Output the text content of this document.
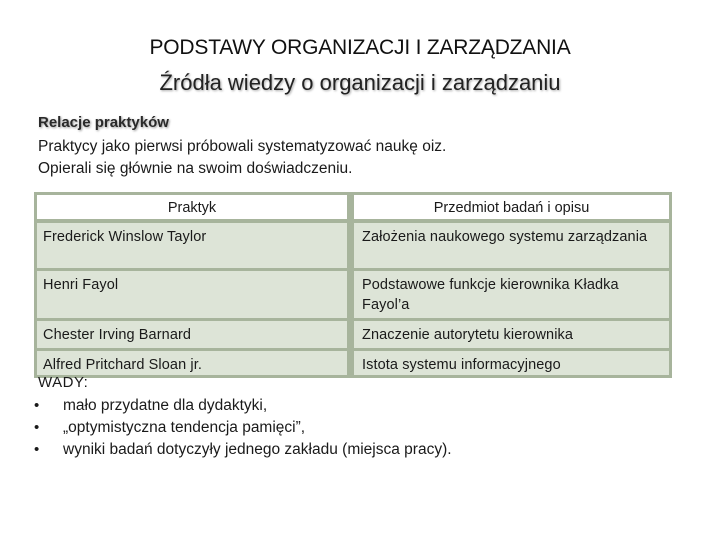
PODSTAWY ORGANIZACJI I ZARZĄDZANIA
Źródła wiedzy o organizacji i zarządzaniu
Relacje praktyków
Praktycy jako pierwsi próbowali systematyzować naukę oiz.
Opierali się głównie na swoim doświadczeniu.
Praktyk	Przedmiot badań i opisu
Frederick Winslow Taylor	Założenia naukowego systemu zarządzania
Henri Fayol	Podstawowe funkcje kierownika Kładka Fayol’a
Chester Irving Barnard	Znaczenie autorytetu kierownika
Alfred Pritchard Sloan jr.	Istota systemu informacyjnego
WADY:
• mało przydatne dla dydaktyki,
• „optymistyczna tendencja pamięci”,
• wyniki badań dotyczyły jednego zakładu (miejsca pracy).
